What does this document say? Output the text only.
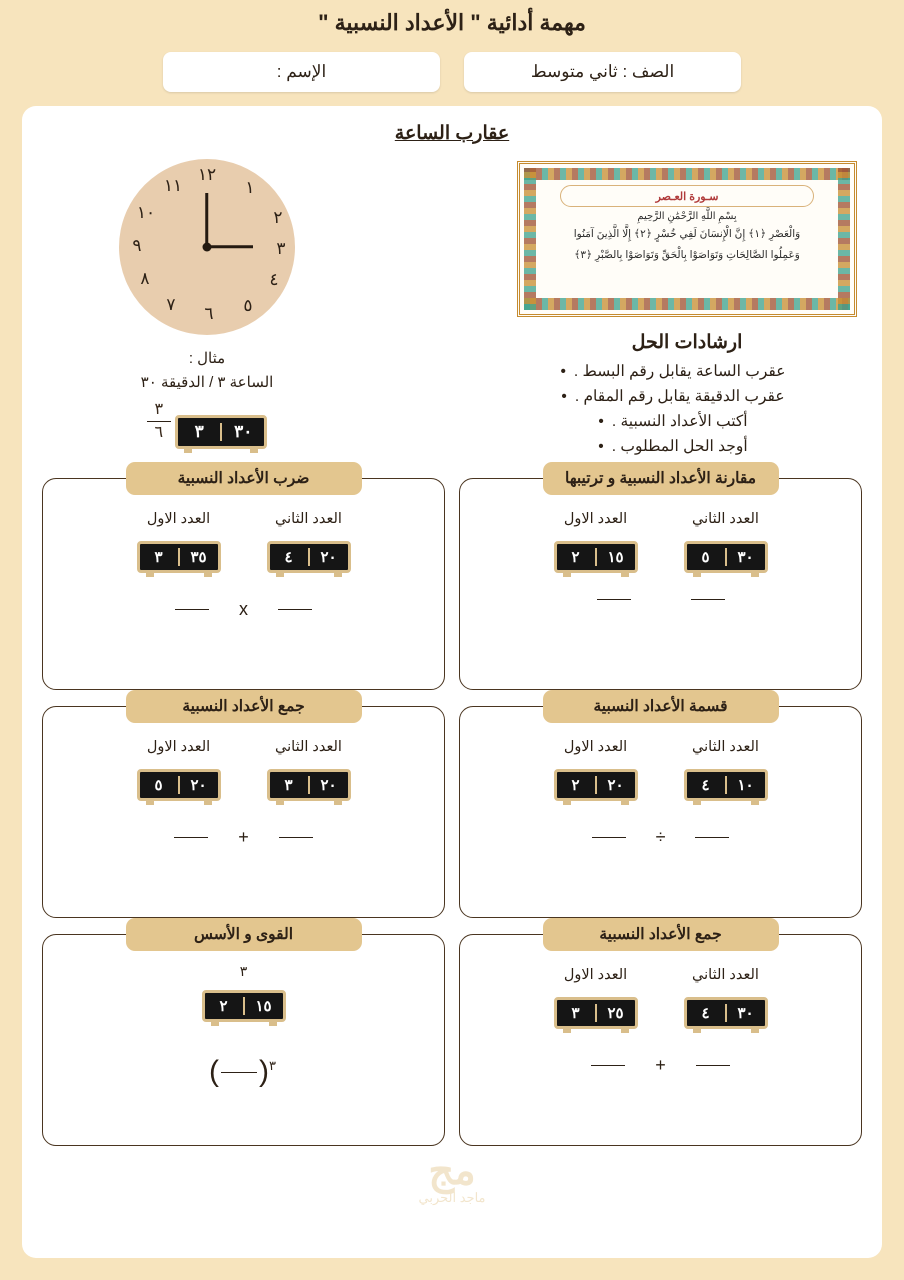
مهمة أدائية " الأعداد النسبية "
الصف : ثاني متوسط
الإسم :
عقارب الساعة
١٢
١
٢
٣
٤
٥
٦
٧
٨
٩
١٠
١١
مثال :
الساعة ٣ / الدقيقة ٣٠
٣٠
٣

$\frac{٣}{٦}$
سـورة العـصر
بِسْمِ اللَّهِ الرَّحْمَٰنِ الرَّحِيمِ
وَالْعَصْرِ ﴿١﴾ إِنَّ الْإِنسَانَ لَفِي خُسْرٍ ﴿٢﴾ إِلَّا الَّذِينَ آمَنُوا
وَعَمِلُوا الصَّالِحَاتِ وَتَوَاصَوْا بِالْحَقِّ وَتَوَاصَوْا بِالصَّبْرِ ﴿٣﴾
ارشادات الحل
عقرب الساعة يقابل رقم البسط . •
عقرب الدقيقة يقابل رقم المقام . •
أكتب الأعداد النسبية . •
أوجد الحل المطلوب . •
مقارنة الأعداد النسبية و ترتيبها
العدد الاول
١٥
٢
العدد الثاني
٣٠
٥
ضرب الأعداد النسبية
العدد الاول
٣٥
٣
العدد الثاني
٢٠
٤
x
قسمة الأعداد النسبية
العدد الاول
٢٠
٢
العدد الثاني
١٠
٤
÷
جمع الأعداد النسبية
العدد الاول
٢٠
٥
العدد الثاني
٢٠
٣
+
جمع الأعداد النسبية
العدد الاول
٢٥
٣
العدد الثاني
٣٠
٤
+
القوى و الأسس
٣
١٥
٢
٣
(
)
مج
ماجد الحربي
